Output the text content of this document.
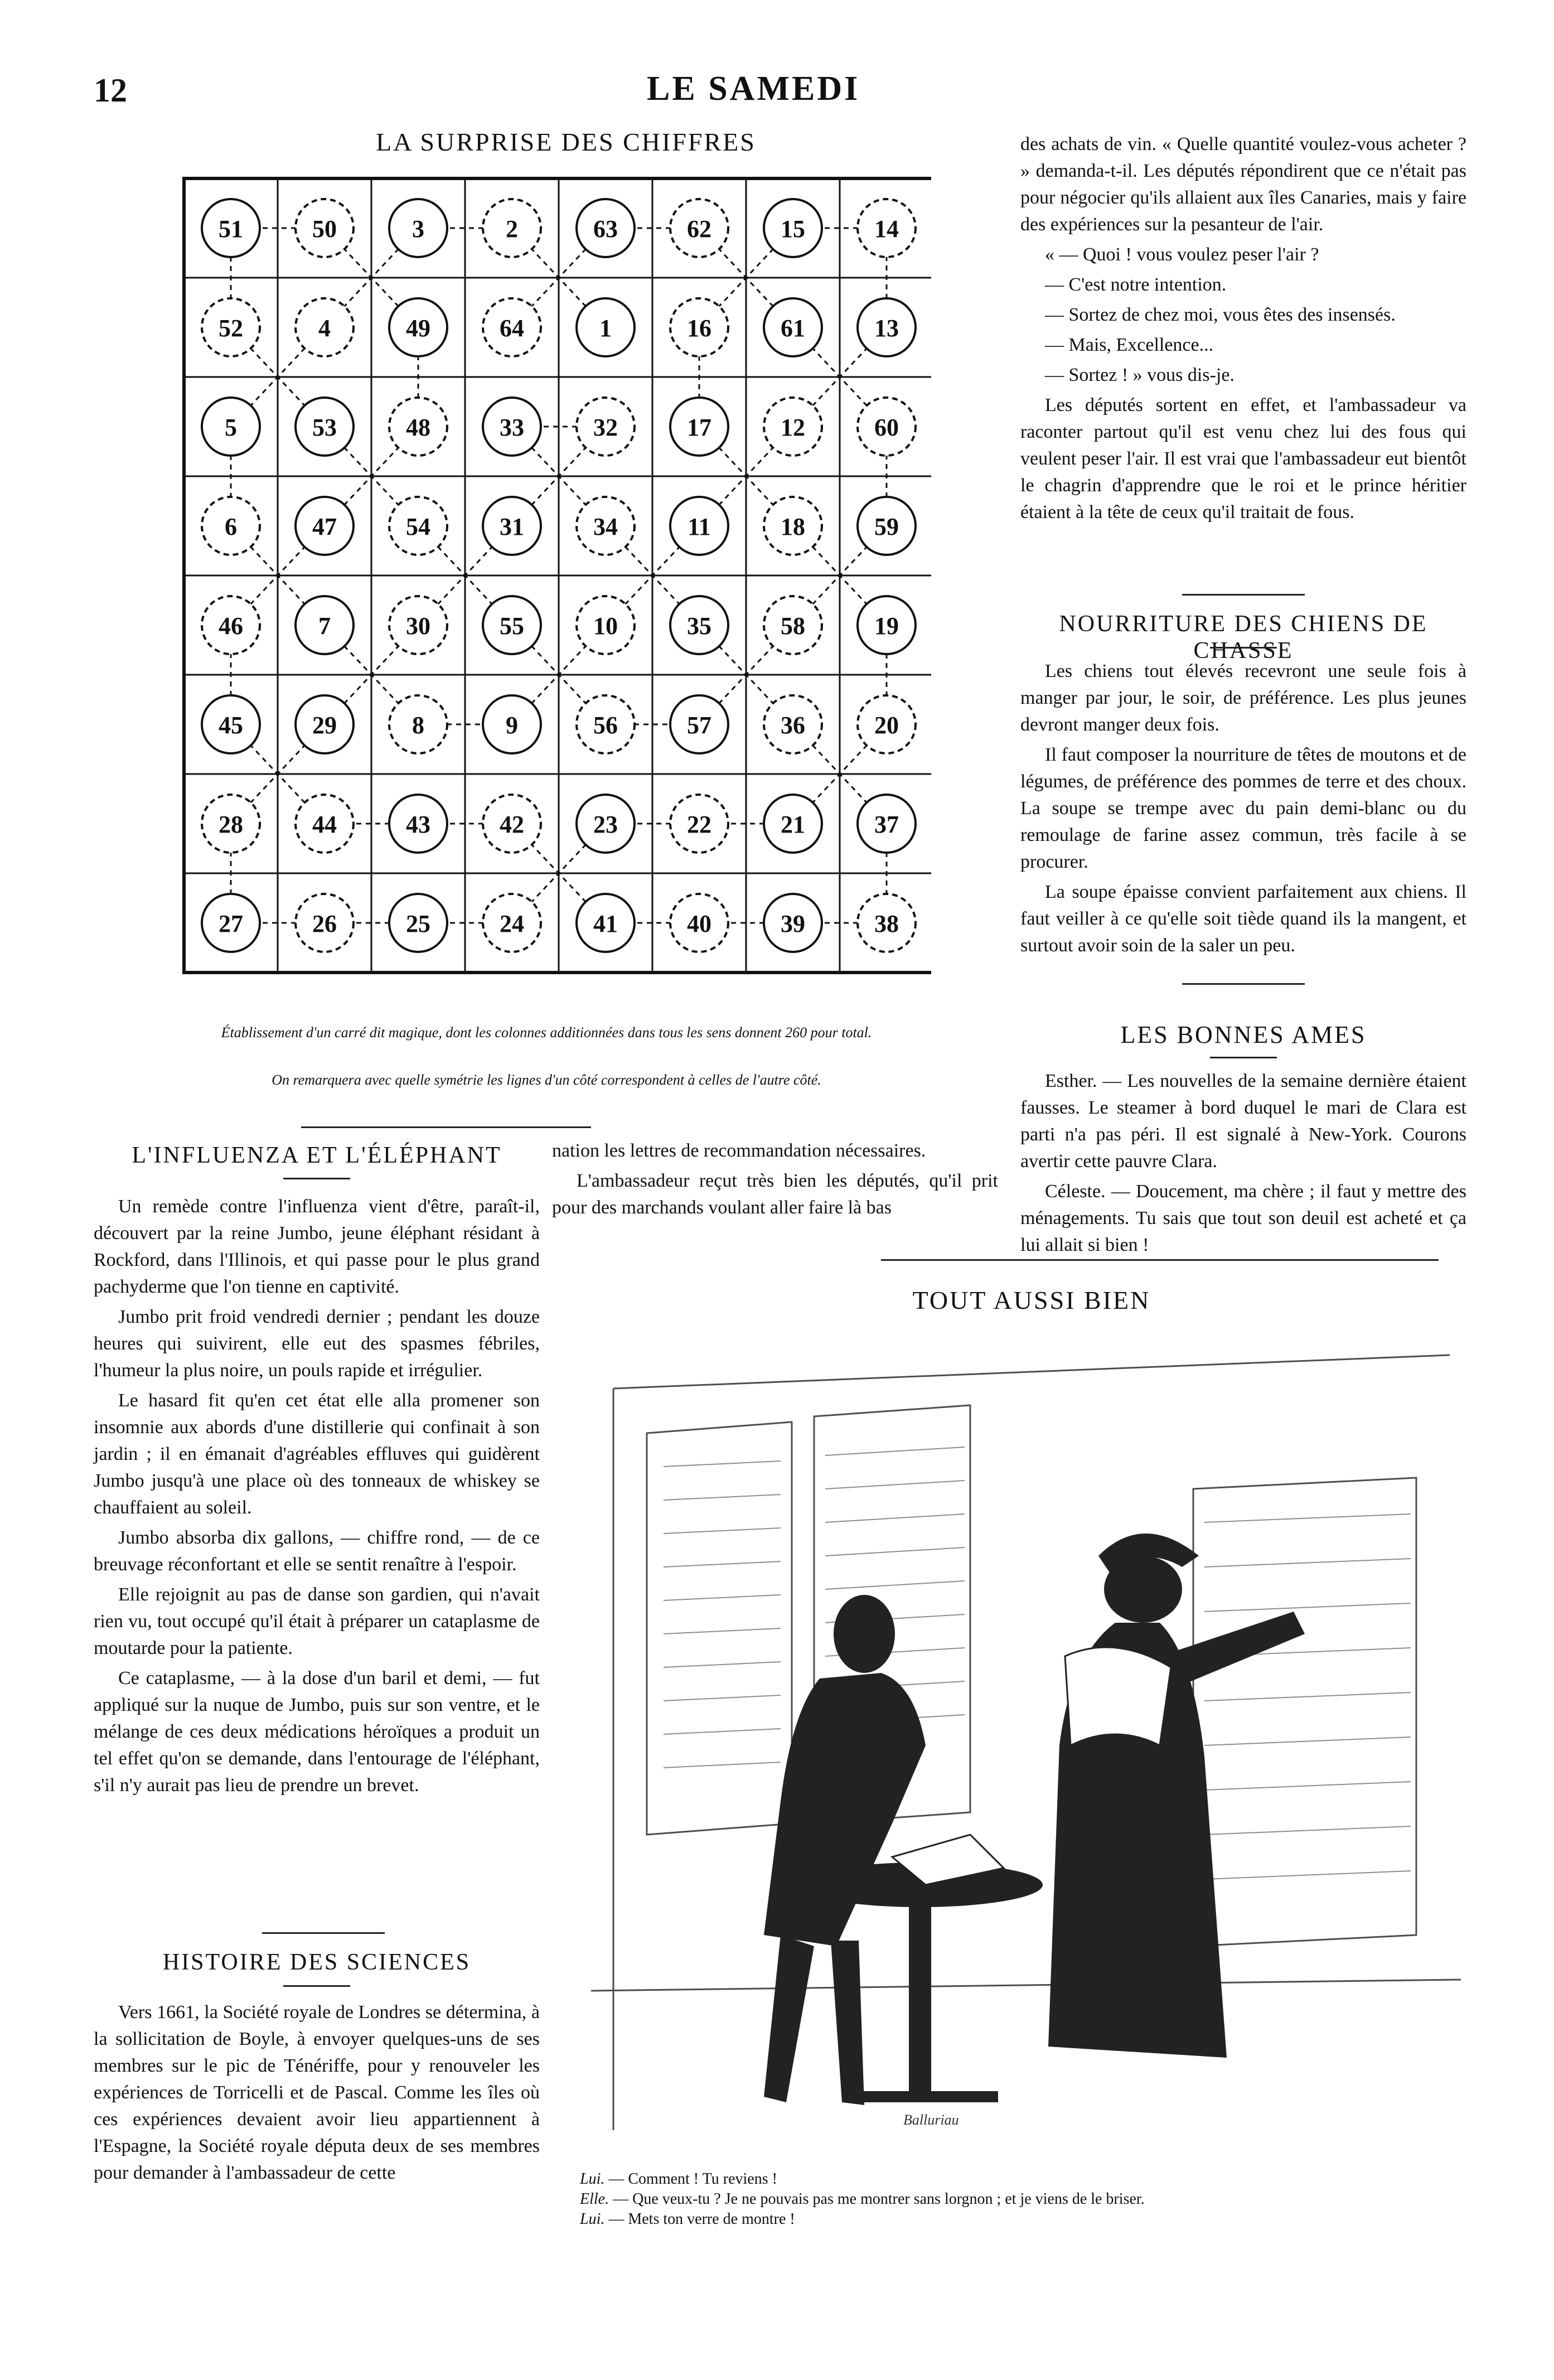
12	LE SAMEDI
LA SURPRISE DES CHIFFRES
51	50	3	2	63	62	15	14
52	4	49	64	1	16	61	13
5	53	48	33	32	17	12	60
6	47	54	31	34	11	18	59
46	7	30	55	10	35	58	19
45	29	8	9	56	57	36	20
28	44	43	42	23	22	21	37
27	26	25	24	41	40	39	38
Établissement d'un carré dit magique, dont les colonnes additionnées dans tous les sens donnent 260 pour total.
On remarquera avec quelle symétrie les lignes d'un côté correspondent à celles de l'autre côté.

des achats de vin. « Quelle quantité voulez-vous acheter ? » demanda-t-il. Les députés répondirent que ce n'était pas pour négocier qu'ils allaient aux îles Canaries, mais y faire des expériences sur la pesanteur de l'air.

« — Quoi ! vous voulez peser l'air ?

— C'est notre intention.

— Sortez de chez moi, vous êtes des insensés.

— Mais, Excellence...

— Sortez ! » vous dis-je.

Les députés sortent en effet, et l'ambassadeur va raconter partout qu'il est venu chez lui des fous qui veulent peser l'air. Il est vrai que l'ambassadeur eut bientôt le chagrin d'apprendre que le roi et le prince héritier étaient à la tête de ceux qu'il traitait de fous.

NOURRITURE DES CHIENS DE CHASSE

Les chiens tout élevés recevront une seule fois à manger par jour, le soir, de préférence. Les plus jeunes devront manger deux fois.

Il faut composer la nourriture de têtes de moutons et de légumes, de préférence des pommes de terre et des choux. La soupe se trempe avec du pain demi-blanc ou du remoulage de farine assez commun, très facile à se procurer.

La soupe épaisse convient parfaitement aux chiens. Il faut veiller à ce qu'elle soit tiède quand ils la mangent, et surtout avoir soin de la saler un peu.

LES BONNES AMES

Esther. — Les nouvelles de la semaine dernière étaient fausses. Le steamer à bord duquel le mari de Clara est parti n'a pas péri. Il est signalé à New-York. Courons avertir cette pauvre Clara.

Céleste. — Doucement, ma chère ; il faut y mettre des ménagements. Tu sais que tout son deuil est acheté et ça lui allait si bien !

L'INFLUENZA ET L'ÉLÉPHANT

Un remède contre l'influenza vient d'être, paraît-il, découvert par la reine Jumbo, jeune éléphant résidant à Rockford, dans l'Illinois, et qui passe pour le plus grand pachyderme que l'on tienne en captivité.

Jumbo prit froid vendredi dernier ; pendant les douze heures qui suivirent, elle eut des spasmes fébriles, l'humeur la plus noire, un pouls rapide et irrégulier.

Le hasard fit qu'en cet état elle alla promener son insomnie aux abords d'une distillerie qui confinait à son jardin ; il en émanait d'agréables effluves qui guidèrent Jumbo jusqu'à une place où des tonneaux de whiskey se chauffaient au soleil.

Jumbo absorba dix gallons, — chiffre rond, — de ce breuvage réconfortant et elle se sentit renaître à l'espoir.

Elle rejoignit au pas de danse son gardien, qui n'avait rien vu, tout occupé qu'il était à préparer un cataplasme de moutarde pour la patiente.

Ce cataplasme, — à la dose d'un baril et demi, — fut appliqué sur la nuque de Jumbo, puis sur son ventre, et le mélange de ces deux médications héroïques a produit un tel effet qu'on se demande, dans l'entourage de l'éléphant, s'il n'y aurait pas lieu de prendre un brevet.

HISTOIRE DES SCIENCES

Vers 1661, la Société royale de Londres se détermina, à la sollicitation de Boyle, à envoyer quelques-uns de ses membres sur le pic de Ténériffe, pour y renouveler les expériences de Torricelli et de Pascal. Comme les îles où ces expériences devaient avoir lieu appartiennent à l'Espagne, la Société royale députa deux de ses membres pour demander à l'ambassadeur de cette

nation les lettres de recommandation nécessaires.

L'ambassadeur reçut très bien les députés, qu'il prit pour des marchands voulant aller faire là bas

TOUT AUSSI BIEN
Balluriau
Lui. — Comment ! Tu reviens !
Elle. — Que veux-tu ? Je ne pouvais pas me montrer sans lorgnon ; et je viens de le briser.
Lui. — Mets ton verre de montre !
